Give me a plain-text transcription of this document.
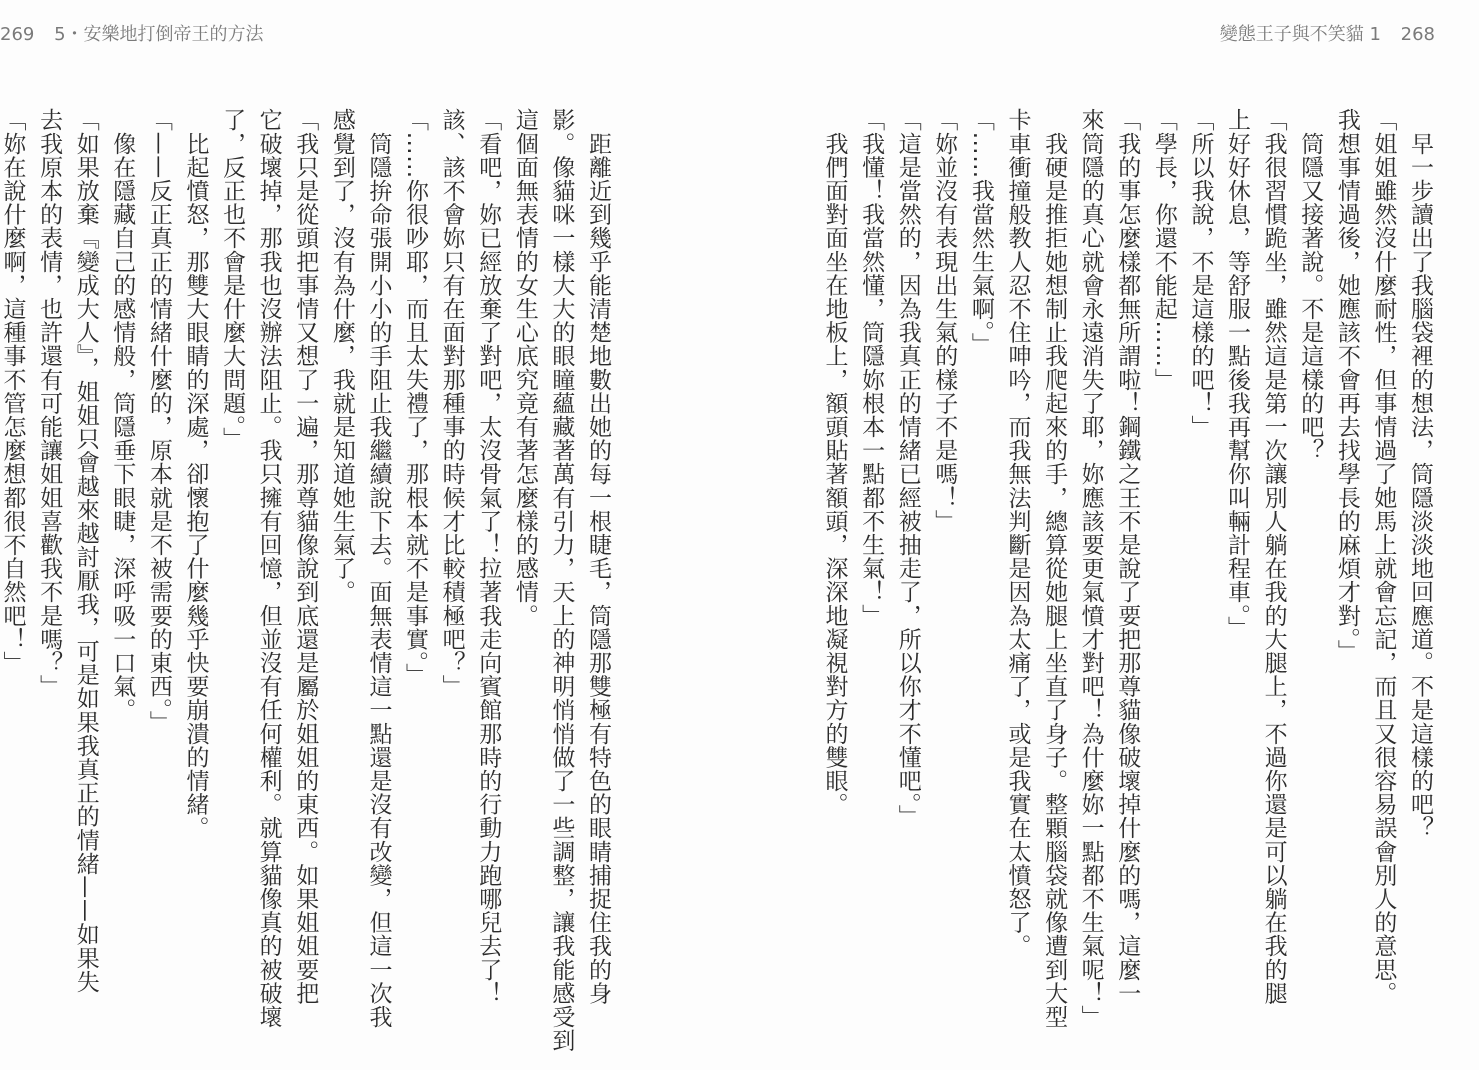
269 5・安樂地打倒帝王的方法	變態王子與不笑貓 1 268
　距離近到幾乎能清楚地數出她的每一根睫毛，筒隱那雙極有特色的眼睛捕捉住我的身
影。像貓咪一樣大大的眼瞳蘊藏著萬有引力，天上的神明悄悄做了一些調整，讓我能感受到
這個面無表情的女生心底究竟有著怎麼樣的感情。
「看吧，妳已經放棄了對吧，太沒骨氣了！拉著我走向賓館那時的行動力跑哪兒去了！
該、該不會妳只有在面對那種事的時候才比較積極吧？」
「……你很吵耶，而且太失禮了，那根本就不是事實。」
　筒隱拚命張開小小的手阻止我繼續說下去。面無表情這一點還是沒有改變，但這一次我
感覺到了，沒有為什麼，我就是知道她生氣了。
「我只是從頭把事情又想了一遍，那尊貓像說到底還是屬於姐姐的東西。如果姐姐要把
它破壞掉，那我也沒辦法阻止。我只擁有回憶，但並沒有任何權利。就算貓像真的被破壞
了，反正也不會是什麼大問題。」
　比起憤怒，那雙大眼睛的深處，卻懷抱了什麼幾乎快要崩潰的情緒。
「——反正真正的情緒什麼的，原本就是不被需要的東西。」
　像在隱藏自己的感情般，筒隱垂下眼睫，深呼吸一口氣。
「如果放棄『變成大人』，姐姐只會越來越討厭我，可是如果我真正的情緒——如果失
去我原本的表情，也許還有可能讓姐姐喜歡我不是嗎？」
「妳在說什麼啊，這種事不管怎麼想都很不自然吧！」	　早一步讀出了我腦袋裡的想法，筒隱淡淡地回應道。不是這樣的吧？
「姐姐雖然沒什麼耐性，但事情過了她馬上就會忘記，而且又很容易誤會別人的意思。
我想事情過後，她應該不會再去找學長的麻煩才對。」
　筒隱又接著說。不是這樣的吧？
「我很習慣跪坐，雖然這是第一次讓別人躺在我的大腿上，不過你還是可以躺在我的腿
上好好休息，等舒服一點後我再幫你叫輛計程車。」
「所以我說，不是這樣的吧！」
「學長，你還不能起……」
「我的事怎麼樣都無所謂啦！鋼鐵之王不是說了要把那尊貓像破壞掉什麼的嗎，這麼一
來筒隱的真心就會永遠消失了耶，妳應該要更氣憤才對吧！為什麼妳一點都不生氣呢！」
　我硬是推拒她想制止我爬起來的手，總算從她腿上坐直了身子。整顆腦袋就像遭到大型
卡車衝撞般教人忍不住呻吟，而我無法判斷是因為太痛了，或是我實在太憤怒了。
「……我當然生氣啊。」
「妳並沒有表現出生氣的樣子不是嗎！」
「這是當然的，因為我真正的情緒已經被抽走了，所以你才不懂吧。」
「我懂！我當然懂，筒隱妳根本一點都不生氣！」
　我們面對面坐在地板上，額頭貼著額頭，深深地凝視對方的雙眼。
